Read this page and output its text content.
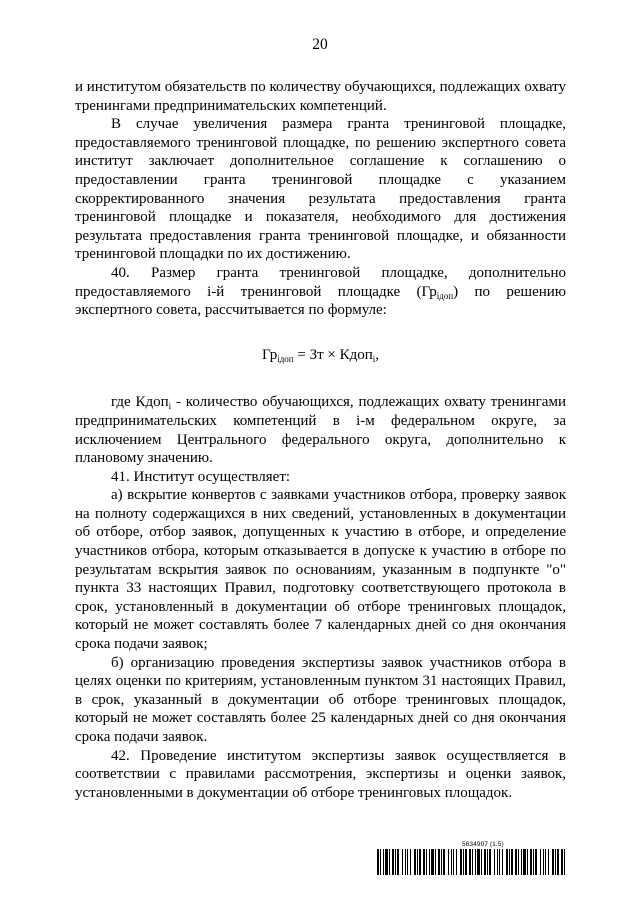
20

и институтом обязательств по количеству обучающихся, подлежащих охвату тренингами предпринимательских компетенций.

В случае увеличения размера гранта тренинговой площадке, предоставляемого тренинговой площадке, по решению экспертного совета институт заключает дополнительное соглашение к соглашению о предоставлении гранта тренинговой площадке с указанием скорректированного значения результата предоставления гранта тренинговой площадке и показателя, необходимого для достижения результата предоставления гранта тренинговой площадке, и обязанности тренинговой площадки по их достижению.

40. Размер гранта тренинговой площадке, дополнительно предоставляемого i-й тренинговой площадке $(Гр_{iдоп})$ по решению экспертного совета, рассчитывается по формуле:

$Гр_{iдоп}$ = Зт × Кдоп$_i$,

где Кдоп$_i$ - количество обучающихся, подлежащих охвату тренингами предпринимательских компетенций в i-м федеральном округе, за исключением Центрального федерального округа, дополнительно к плановому значению.

41. Институт осуществляет:

а) вскрытие конвертов с заявками участников отбора, проверку заявок на полноту содержащихся в них сведений, установленных в документации об отборе, отбор заявок, допущенных к участию в отборе, и определение участников отбора, которым отказывается в допуске к участию в отборе по результатам вскрытия заявок по основаниям, указанным в подпункте "о" пункта 33 настоящих Правил, подготовку соответствующего протокола в срок, установленный в документации об отборе тренинговых площадок, который не может составлять более 7 календарных дней со дня окончания срока подачи заявок;

б) организацию проведения экспертизы заявок участников отбора в целях оценки по критериям, установленным пунктом 31 настоящих Правил, в срок, указанный в документации об отборе тренинговых площадок, который не может составлять более 25 календарных дней со дня окончания срока подачи заявок.

42. Проведение институтом экспертизы заявок осуществляется в соответствии с правилами рассмотрения, экспертизы и оценки заявок, установленными в документации об отборе тренинговых площадок.

5634907 (1.5)
